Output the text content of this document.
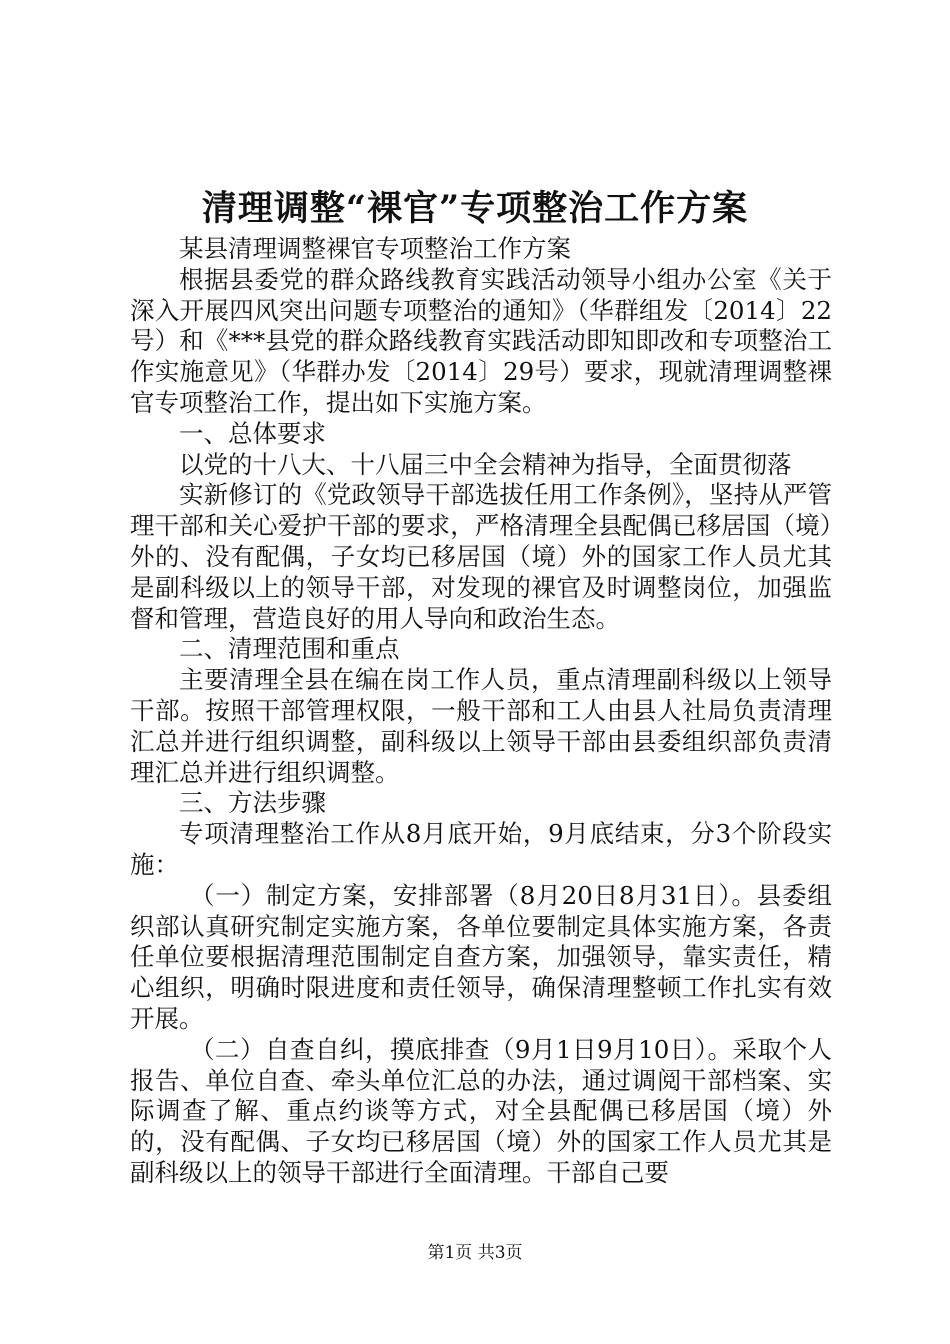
清理调整“裸官”专项整治工作方案

某县清理调整裸官专项整治工作方案

根据县委党的群众路线教育实践活动领导小组办公室《关于深入开展四风突出问题专项整治的通知》（华群组发〔2014〕22号）和《***县党的群众路线教育实践活动即知即改和专项整治工作实施意见》（华群办发〔2014〕29号）要求，现就清理调整裸官专项整治工作，提出如下实施方案。

一、总体要求

以党的十八大、十八届三中全会精神为指导，全面贯彻落

实新修订的《党政领导干部选拔任用工作条例》，坚持从严管理干部和关心爱护干部的要求，严格清理全县配偶已移居国（境）外的、没有配偶，子女均已移居国（境）外的国家工作人员尤其是副科级以上的领导干部，对发现的裸官及时调整岗位，加强监督和管理，营造良好的用人导向和政治生态。

二、清理范围和重点

主要清理全县在编在岗工作人员，重点清理副科级以上领导干部。按照干部管理权限，一般干部和工人由县人社局负责清理汇总并进行组织调整，副科级以上领导干部由县委组织部负责清理汇总并进行组织调整。

三、方法步骤

专项清理整治工作从8月底开始，9月底结束，分3个阶段实施：

（一）制定方案，安排部署（8月20日8月31日）。县委组织部认真研究制定实施方案，各单位要制定具体实施方案，各责任单位要根据清理范围制定自查方案，加强领导，靠实责任，精心组织，明确时限进度和责任领导，确保清理整顿工作扎实有效开展。

（二）自查自纠，摸底排查（9月1日9月10日）。采取个人报告、单位自查、牵头单位汇总的办法，通过调阅干部档案、实际调查了解、重点约谈等方式，对全县配偶已移居国（境）外的，没有配偶、子女均已移居国（境）外的国家工作人员尤其是副科级以上的领导干部进行全面清理。干部自己要

第1页 共3页
